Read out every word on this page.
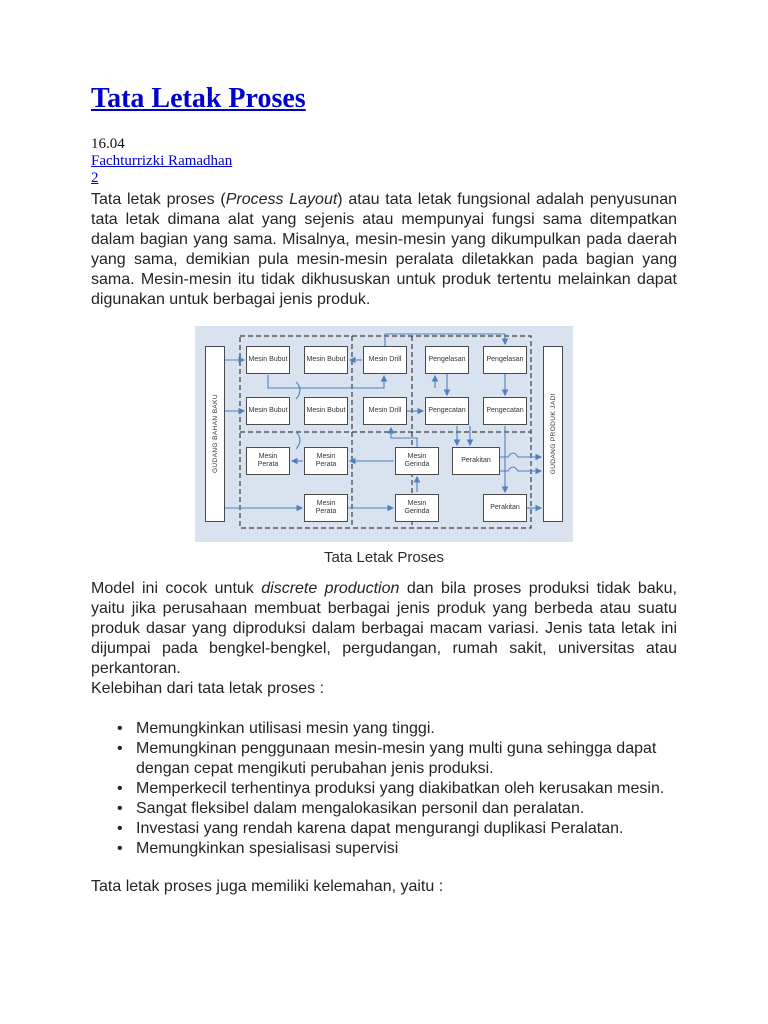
Tata Letak Proses
16.04
Fachturrizki Ramadhan
2

Tata letak proses (Process Layout) atau tata letak fungsional adalah penyusunan tata letak dimana alat yang sejenis atau mempunyai fungsi sama ditempatkan dalam bagian yang sama. Misalnya, mesin-mesin yang dikumpulkan pada daerah yang sama, demikian pula mesin-mesin peralata diletakkan pada bagian yang sama. Mesin-mesin itu tidak dikhususkan untuk produk tertentu melainkan dapat digunakan untuk berbagai jenis produk.

GUDANG BAHAN BAKU	GUDANG PRODUK JADI
Mesin Bubut	Mesin Bubut	Mesin Drill	Pengelasan	Pengelasan
Mesin Bubut	Mesin Bubut	Mesin Drill	Pengecatan	Pengecatan
Mesin Perata
Mesin Perata
Mesin Gerinda
Perakitan
Mesin Perata
Mesin Gerinda
Perakitan
Tata Letak Proses

Model ini cocok untuk discrete production dan bila proses produksi tidak baku, yaitu jika perusahaan membuat berbagai jenis produk yang berbeda atau suatu produk dasar yang diproduksi dalam berbagai macam variasi. Jenis tata letak ini dijumpai pada bengkel-bengkel, pergudangan, rumah sakit, universitas atau perkantoran.

Kelebihan dari tata letak proses :

• Memungkinkan utilisasi mesin yang tinggi.
• Memungkinan penggunaan mesin-mesin yang multi guna sehingga dapat dengan cepat mengikuti perubahan jenis produksi.
• Memperkecil terhentinya produksi yang diakibatkan oleh kerusakan mesin.
• Sangat fleksibel dalam mengalokasikan personil dan peralatan.
• Investasi yang rendah karena dapat mengurangi duplikasi Peralatan.
• Memungkinkan spesialisasi supervisi

Tata letak proses juga memiliki kelemahan, yaitu :
